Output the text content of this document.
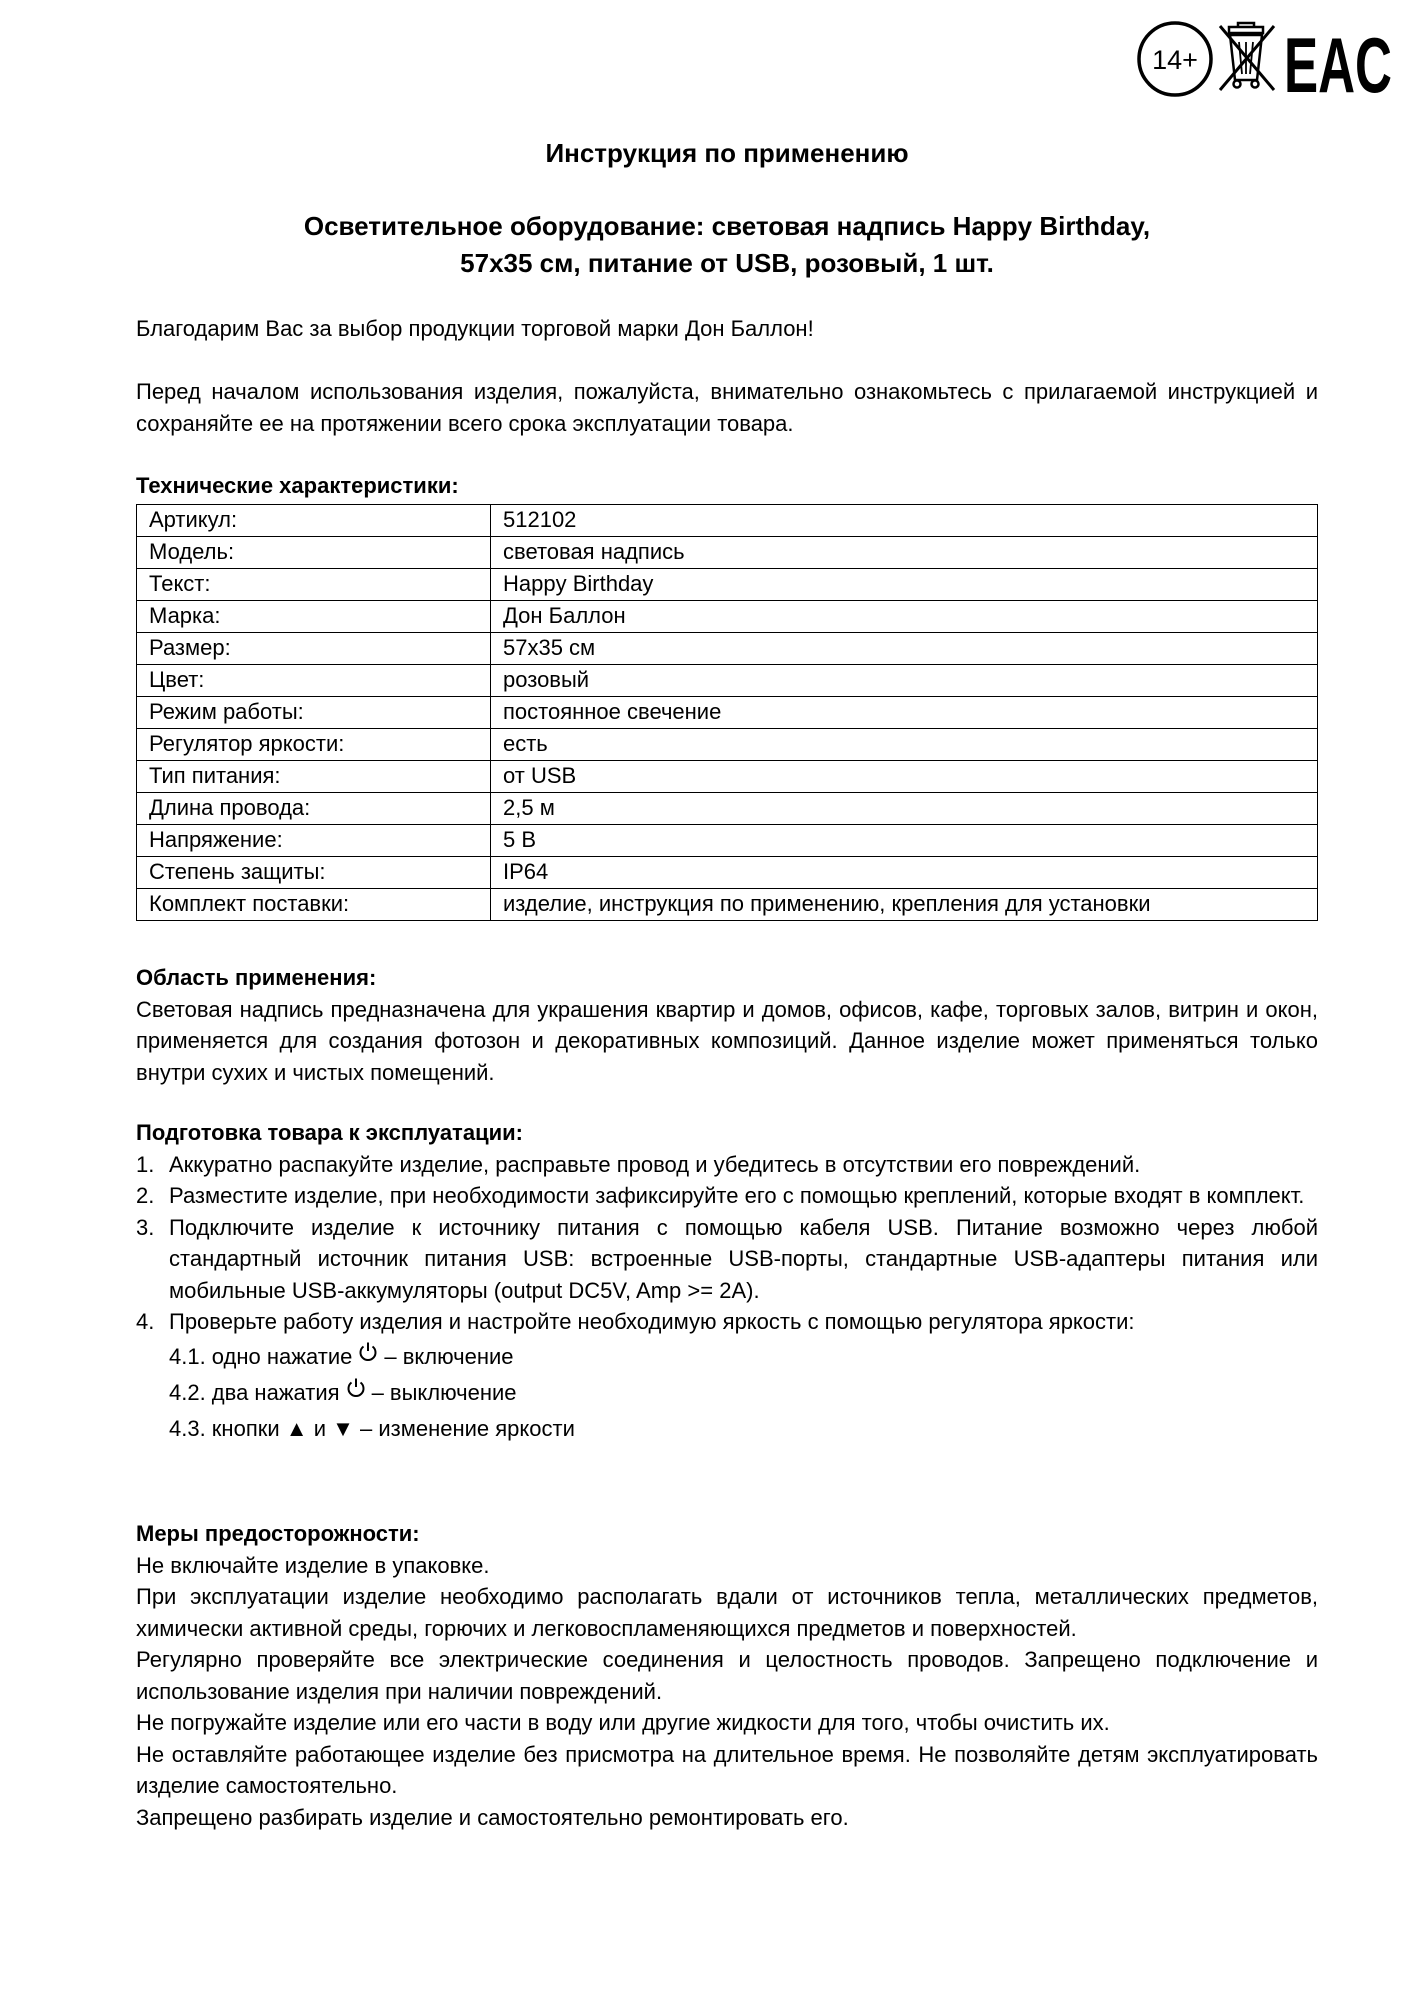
14+ EAC
Инструкция по применению
Осветительное оборудование: световая надпись Happy Birthday,
57х35 см, питание от USB, розовый, 1 шт.
Благодарим Вас за выбор продукции торговой марки Дон Баллон!
Перед началом использования изделия, пожалуйста, внимательно ознакомьтесь с прилагаемой инструкцией и сохраняйте ее на протяжении всего срока эксплуатации товара.
Технические характеристики:
Артикул:	512102
Модель:	световая надпись
Текст:	Happy Birthday
Марка:	Дон Баллон
Размер:	57х35 см
Цвет:	розовый
Режим работы:	постоянное свечение
Регулятор яркости:	есть
Тип питания:	от USB
Длина провода:	2,5 м
Напряжение:	5 В
Степень защиты:	IP64
Комплект поставки:	изделие, инструкция по применению, крепления для установки
Область применения:
Световая надпись предназначена для украшения квартир и домов, офисов, кафе, торговых залов, витрин и окон, применяется для создания фотозон и декоративных композиций. Данное изделие может применяться только внутри сухих и чистых помещений.
Подготовка товара к эксплуатации:
1. Аккуратно распакуйте изделие, расправьте провод и убедитесь в отсутствии его повреждений.
2. Разместите изделие, при необходимости зафиксируйте его с помощью креплений, которые входят в комплект.
3. Подключите изделие к источнику питания с помощью кабеля USB. Питание возможно через любой стандартный источник питания USB: встроенные USB-порты, стандартные USB-адаптеры питания или мобильные USB-аккумуляторы (output DC5V, Amp >= 2А).
4. Проверьте работу изделия и настройте необходимую яркость с помощью регулятора яркости:
4.1. одно нажатие – включение
4.2. два нажатия – выключение
4.3. кнопки ▲ и ▼ – изменение яркости
Меры предосторожности:
Не включайте изделие в упаковке.
При эксплуатации изделие необходимо располагать вдали от источников тепла, металлических предметов, химически активной среды, горючих и легковоспламеняющихся предметов и поверхностей.
Регулярно проверяйте все электрические соединения и целостность проводов. Запрещено подключение и использование изделия при наличии повреждений.
Не погружайте изделие или его части в воду или другие жидкости для того, чтобы очистить их.
Не оставляйте работающее изделие без присмотра на длительное время. Не позволяйте детям эксплуатировать изделие самостоятельно.
Запрещено разбирать изделие и самостоятельно ремонтировать его.
